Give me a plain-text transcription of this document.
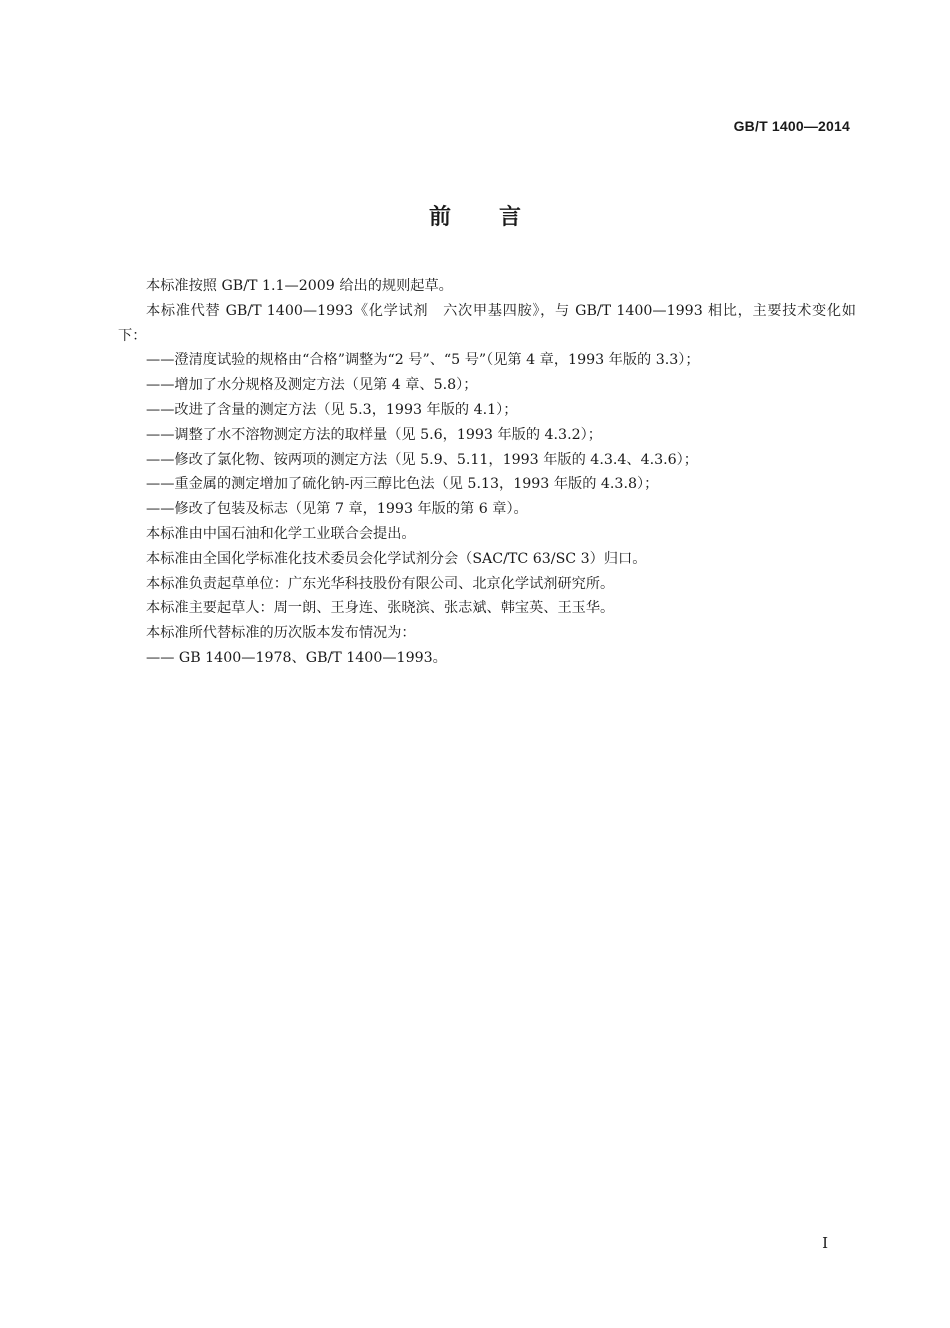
GB/T 1400—2014
前言

本标准按照 GB/T 1.1—2009 给出的规则起草。

本标准代替 GB/T 1400—1993《化学试剂　六次甲基四胺》，与 GB/T 1400—1993 相比，主要技术变化如下：

——澄清度试验的规格由“合格”调整为“2 号”、“5 号”（见第 4 章，1993 年版的 3.3）；

——增加了水分规格及测定方法（见第 4 章、5.8）；

——改进了含量的测定方法（见 5.3，1993 年版的 4.1）；

——调整了水不溶物测定方法的取样量（见 5.6，1993 年版的 4.3.2）；

——修改了氯化物、铵两项的测定方法（见 5.9、5.11，1993 年版的 4.3.4、4.3.6）；

——重金属的测定增加了硫化钠-丙三醇比色法（见 5.13，1993 年版的 4.3.8）；

——修改了包装及标志（见第 7 章，1993 年版的第 6 章）。

本标准由中国石油和化学工业联合会提出。

本标准由全国化学标准化技术委员会化学试剂分会（SAC/TC 63/SC 3）归口。

本标准负责起草单位：广东光华科技股份有限公司、北京化学试剂研究所。

本标准主要起草人：周一朗、王身连、张晓滨、张志斌、韩宝英、王玉华。

本标准所代替标准的历次版本发布情况为：

—— GB 1400—1978、GB/T 1400—1993。

I
